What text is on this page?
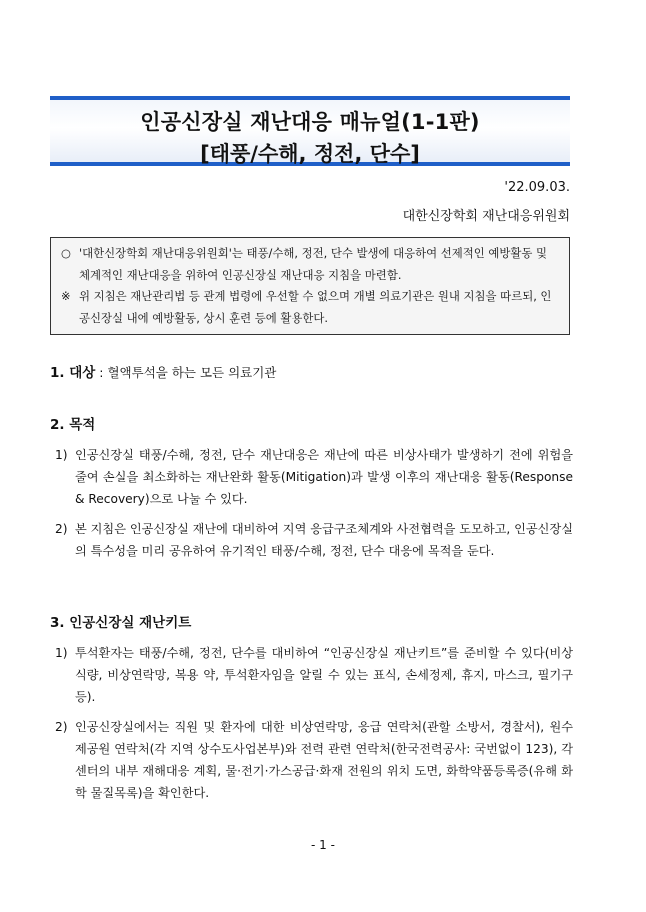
인공신장실 재난대응 매뉴얼(1-1판)
[태풍/수해, 정전, 단수]
'22.09.03.
대한신장학회 재난대응위원회
○ '대한신장학회 재난대응위원회'는 태풍/수해, 정전, 단수 발생에 대응하여 선제적인 예방활동 및 체계적인 재난대응을 위하여 인공신장실 재난대응 지침을 마련함.
※ 위 지침은 재난관리법 등 관계 법령에 우선할 수 없으며 개별 의료기관은 원내 지침을 따르되, 인공신장실 내에 예방활동, 상시 훈련 등에 활용한다.
1. 대상 : 혈액투석을 하는 모든 의료기관
2. 목적
1) 인공신장실 태풍/수해, 정전, 단수 재난대응은 재난에 따른 비상사태가 발생하기 전에 위험을 줄여 손실을 최소화하는 재난완화 활동(Mitigation)과 발생 이후의 재난대응 활동(Response & Recovery)으로 나눌 수 있다.
2) 본 지침은 인공신장실 재난에 대비하여 지역 응급구조체계와 사전협력을 도모하고, 인공신장실의 특수성을 미리 공유하여 유기적인 태풍/수해, 정전, 단수 대응에 목적을 둔다.
3. 인공신장실 재난키트
1) 투석환자는 태풍/수해, 정전, 단수를 대비하여 “인공신장실 재난키트”를 준비할 수 있다(비상식량, 비상연락망, 복용 약, 투석환자임을 알릴 수 있는 표식, 손세정제, 휴지, 마스크, 필기구 등).
2) 인공신장실에서는 직원 및 환자에 대한 비상연락망, 응급 연락처(관할 소방서, 경찰서), 원수 제공원 연락처(각 지역 상수도사업본부)와 전력 관련 연락처(한국전력공사: 국번없이 123), 각 센터의 내부 재해대응 계획, 물·전기·가스공급·화재 전원의 위치 도면, 화학약품등록증(유해 화학 물질목록)을 확인한다.
- 1 -
